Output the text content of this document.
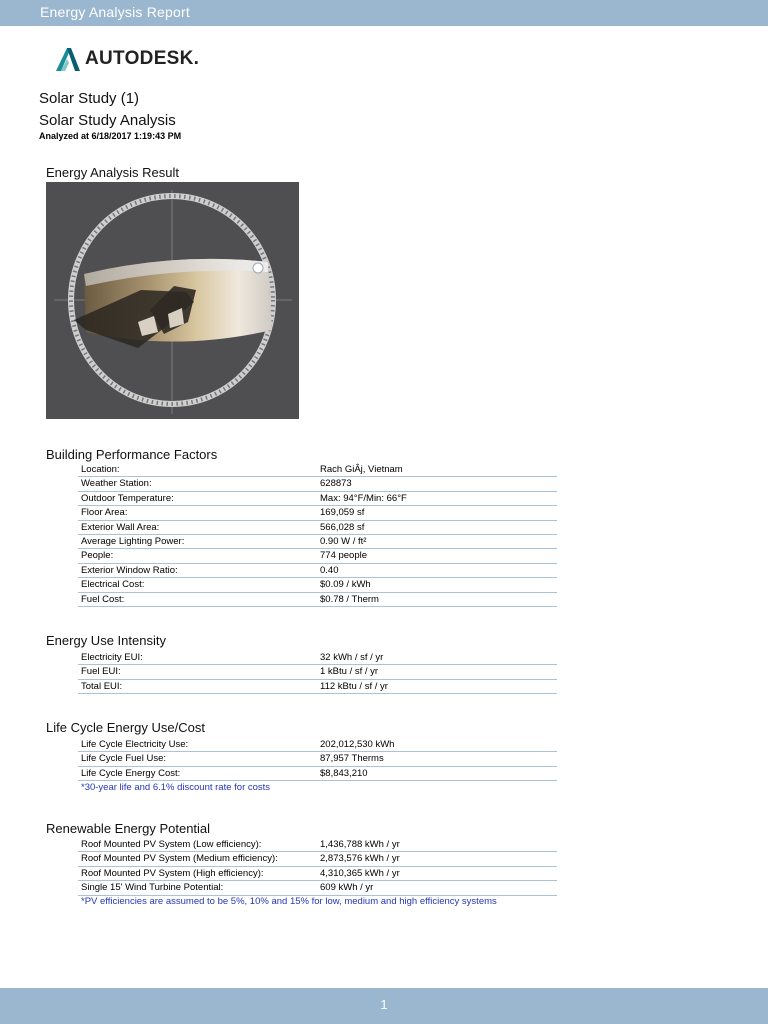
Energy Analysis Report
AUTODESK.
Solar Study (1)
Solar Study Analysis
Analyzed at 6/18/2017 1:19:43 PM
Energy Analysis Result
Building Performance Factors
Location:	Rach GiÂj, Vietnam
Weather Station:	628873
Outdoor Temperature:	Max: 94°F/Min: 66°F
Floor Area:	169,059 sf
Exterior Wall Area:	566,028 sf
Average Lighting Power:	0.90 W / ft²
People:	774 people
Exterior Window Ratio:	0.40
Electrical Cost:	$0.09 / kWh
Fuel Cost:	$0.78 / Therm
Energy Use Intensity
Electricity EUI:	32 kWh / sf / yr
Fuel EUI:	1 kBtu / sf / yr
Total EUI:	112 kBtu / sf / yr
Life Cycle Energy Use/Cost
Life Cycle Electricity Use:	202,012,530 kWh
Life Cycle Fuel Use:	87,957 Therms
Life Cycle Energy Cost:	$8,843,210
*30-year life and 6.1% discount rate for costs
Renewable Energy Potential
Roof Mounted PV System (Low efficiency):	1,436,788 kWh / yr
Roof Mounted PV System (Medium efficiency):	2,873,576 kWh / yr
Roof Mounted PV System (High efficiency):	4,310,365 kWh / yr
Single 15' Wind Turbine Potential:	609 kWh / yr
*PV efficiencies are assumed to be 5%, 10% and 15% for low, medium and high efficiency systems
1
